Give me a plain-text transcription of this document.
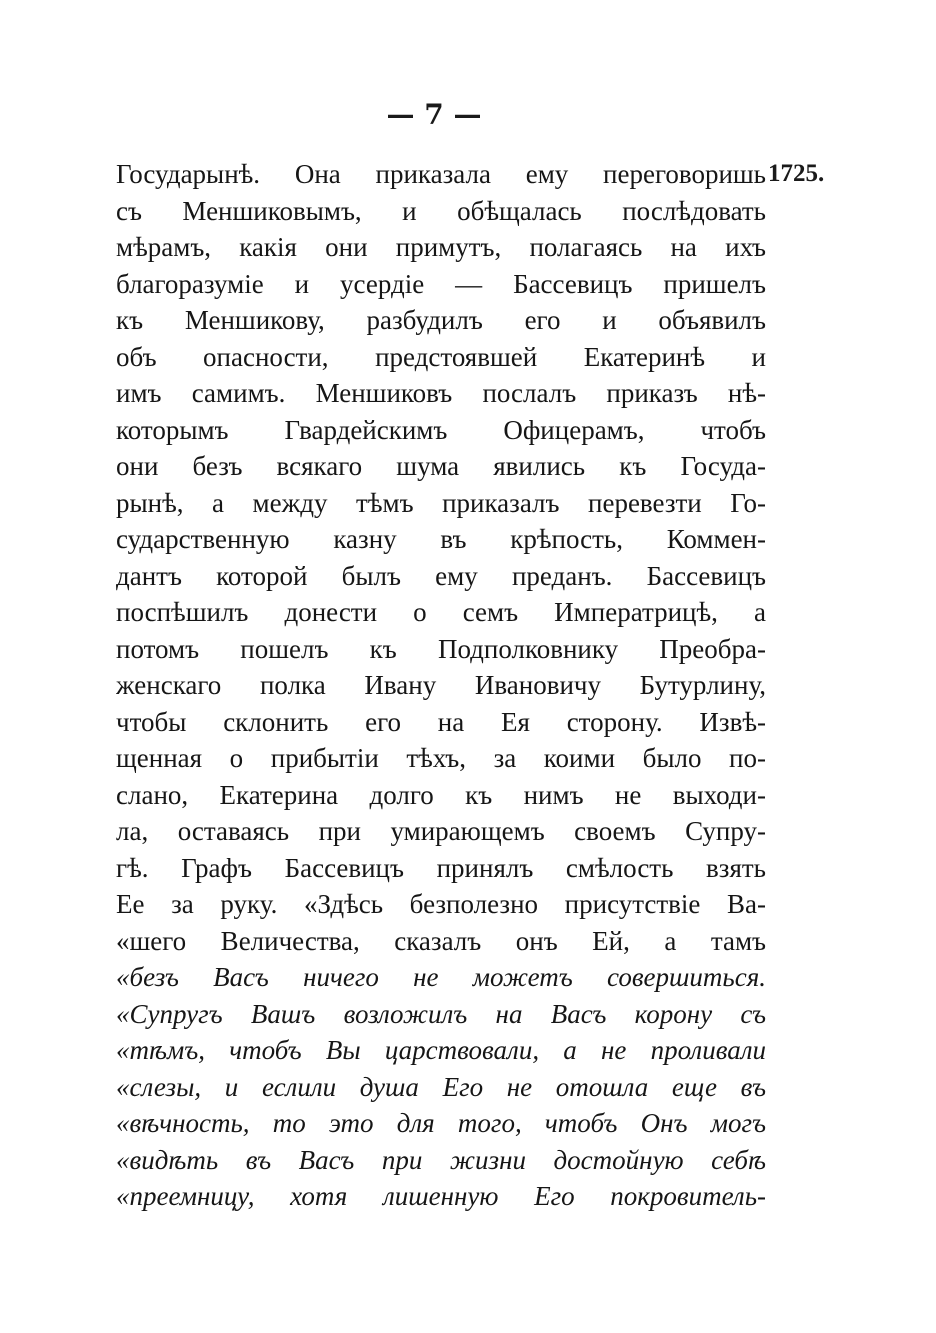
— 7 —
1725.
Государынѣ. Она приказала ему переговоришь
съ Меншиковымъ, и обѣщалась послѣдовать
мѣрамъ, какія они примутъ, полагаясь на ихъ
благоразуміе и усердіе — Бассевицъ пришелъ
къ Меншикову, разбудилъ его и объявилъ
объ опасности, предстоявшей Екатеринѣ и
имъ самимъ. Меншиковъ послалъ приказъ нѣ-
которымъ Гвардейскимъ Офицерамъ, чтобъ
они безъ всякаго шума явились къ Госуда-
рынѣ, а между тѣмъ приказалъ перевезти Го-
сударственную казну въ крѣпость, Коммен-
дантъ которой былъ ему преданъ. Бассевицъ
поспѣшилъ донести о семъ Императрицѣ, а
потомъ пошелъ къ Подполковнику Преобра-
женскаго полка Ивану Ивановичу Бутурлину,
чтобы склонить его на Ея сторону. Извѣ-
щенная о прибытіи тѣхъ, за коими было по-
слано, Екатерина долго къ нимъ не выходи-
ла, оставаясь при умирающемъ своемъ Супру-
гѣ. Графъ Бассевицъ принялъ смѣлость взять
Ее за руку. «Здѣсь безполезно присутствіе Ва-
«шего Величества, сказалъ онъ Ей, а тамъ
«безъ Васъ ничего не можетъ совершиться.
«Супругъ Вашъ возложилъ на Васъ корону съ
«тѣмъ, чтобъ Вы царствовали, а не проливали
«слезы, и еслили душа Его не отошла еще въ
«вѣчность, то это для того, чтобъ Онъ могъ
«видѣть въ Васъ при жизни достойную себѣ
«преемницу, хотя лишенную Его покровитель-
